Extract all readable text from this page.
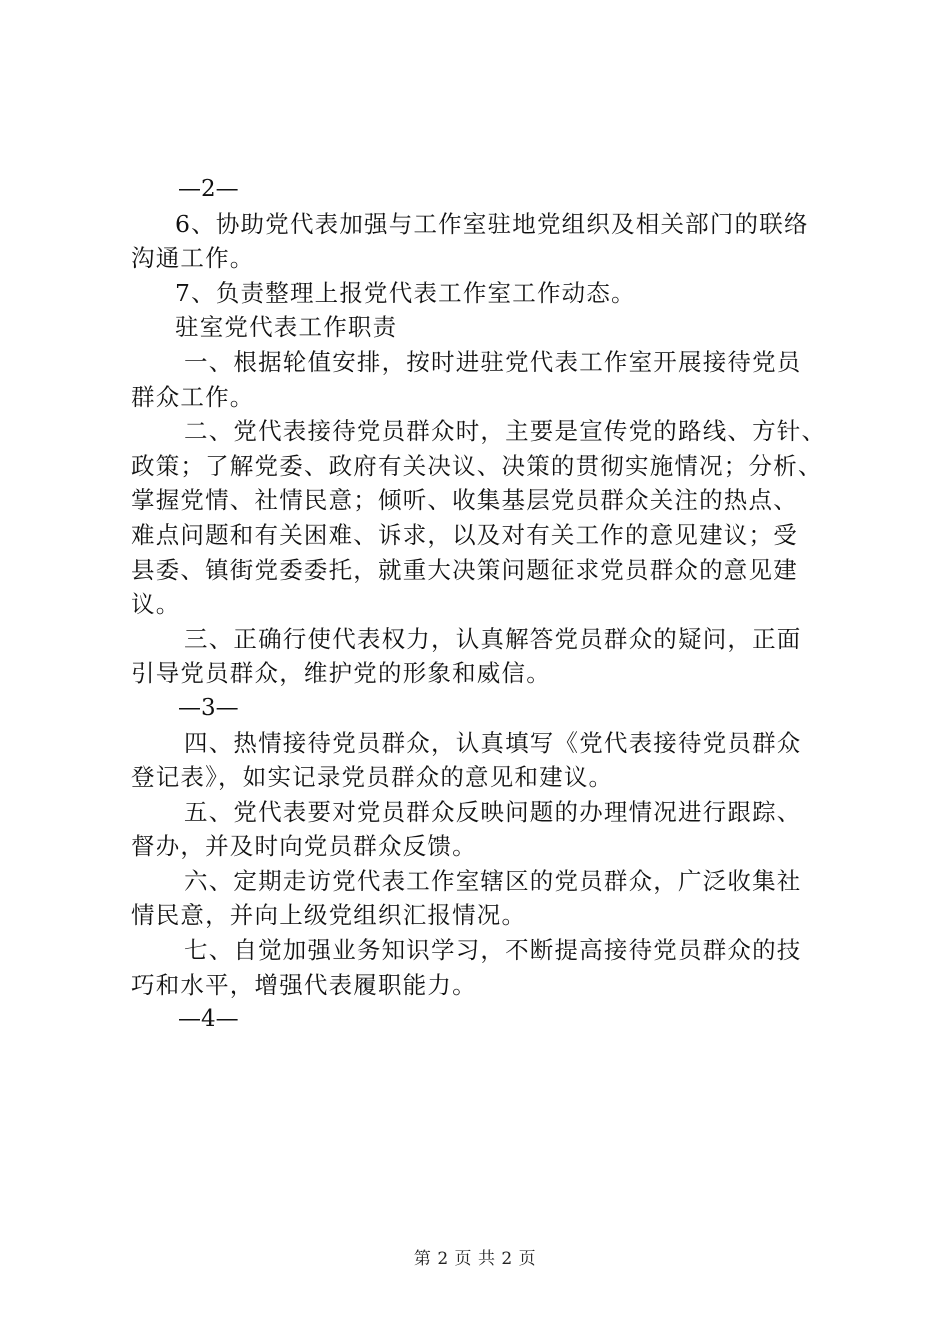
—2—
6、协助党代表加强与工作室驻地党组织及相关部门的联络
沟通工作。
7、负责整理上报党代表工作室工作动态。
驻室党代表工作职责
一、根据轮值安排，按时进驻党代表工作室开展接待党员
群众工作。
二、党代表接待党员群众时，主要是宣传党的路线、方针、
政策；了解党委、政府有关决议、决策的贯彻实施情况；分析、
掌握党情、社情民意；倾听、收集基层党员群众关注的热点、
难点问题和有关困难、诉求，以及对有关工作的意见建议；受
县委、镇街党委委托，就重大决策问题征求党员群众的意见建
议。
三、正确行使代表权力，认真解答党员群众的疑问，正面
引导党员群众，维护党的形象和威信。
—3—
四、热情接待党员群众，认真填写《党代表接待党员群众
登记表》，如实记录党员群众的意见和建议。
五、党代表要对党员群众反映问题的办理情况进行跟踪、
督办，并及时向党员群众反馈。
六、定期走访党代表工作室辖区的党员群众，广泛收集社
情民意，并向上级党组织汇报情况。
七、自觉加强业务知识学习，不断提高接待党员群众的技
巧和水平，增强代表履职能力。
—4—
第 2 页 共 2 页
